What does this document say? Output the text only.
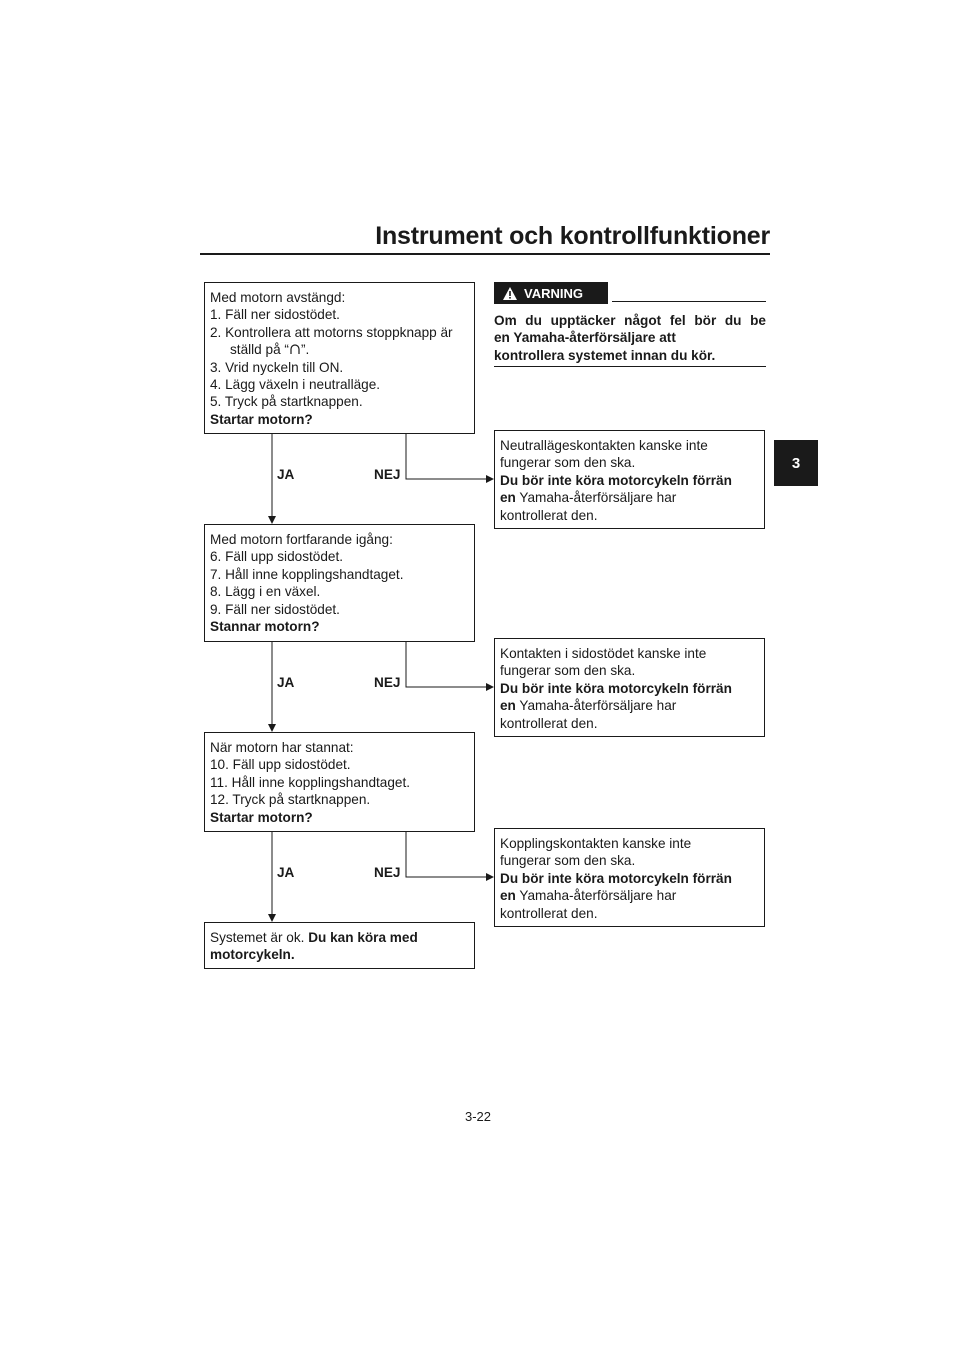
Instrument och kontrollfunktioner
3
Med motorn avstängd:
1. Fäll ner sidostödet.
2. Kontrollera att motorns stoppknapp är
ställd på “ ”.
3. Vrid nyckeln till ON.
4. Lägg växeln i neutralläge.
5. Tryck på startknappen.
Startar motorn?
Med motorn fortfarande igång:
6. Fäll upp sidostödet.
7. Håll inne kopplingshandtaget.
8. Lägg i en växel.
9. Fäll ner sidostödet.
Stannar motorn?
När motorn har stannat:
10. Fäll upp sidostödet.
11. Håll inne kopplingshandtaget.
12. Tryck på startknappen.
Startar motorn?
Systemet är ok. Du kan köra med
motorcykeln.
JA	NEJ
JA	NEJ
JA	NEJ
VARNING
Om du upptäcker något fel bör du be
en Yamaha-återförsäljare att
kontrollera systemet innan du kör.
Neutrallägeskontakten kanske inte
fungerar som den ska.
Du bör inte köra motorcykeln förrän
en Yamaha-återförsäljare har
kontrollerat den.
Kontakten i sidostödet kanske inte
fungerar som den ska.
Du bör inte köra motorcykeln förrän
en Yamaha-återförsäljare har
kontrollerat den.
Kopplingskontakten kanske inte
fungerar som den ska.
Du bör inte köra motorcykeln förrän
en Yamaha-återförsäljare har
kontrollerat den.
3-22
